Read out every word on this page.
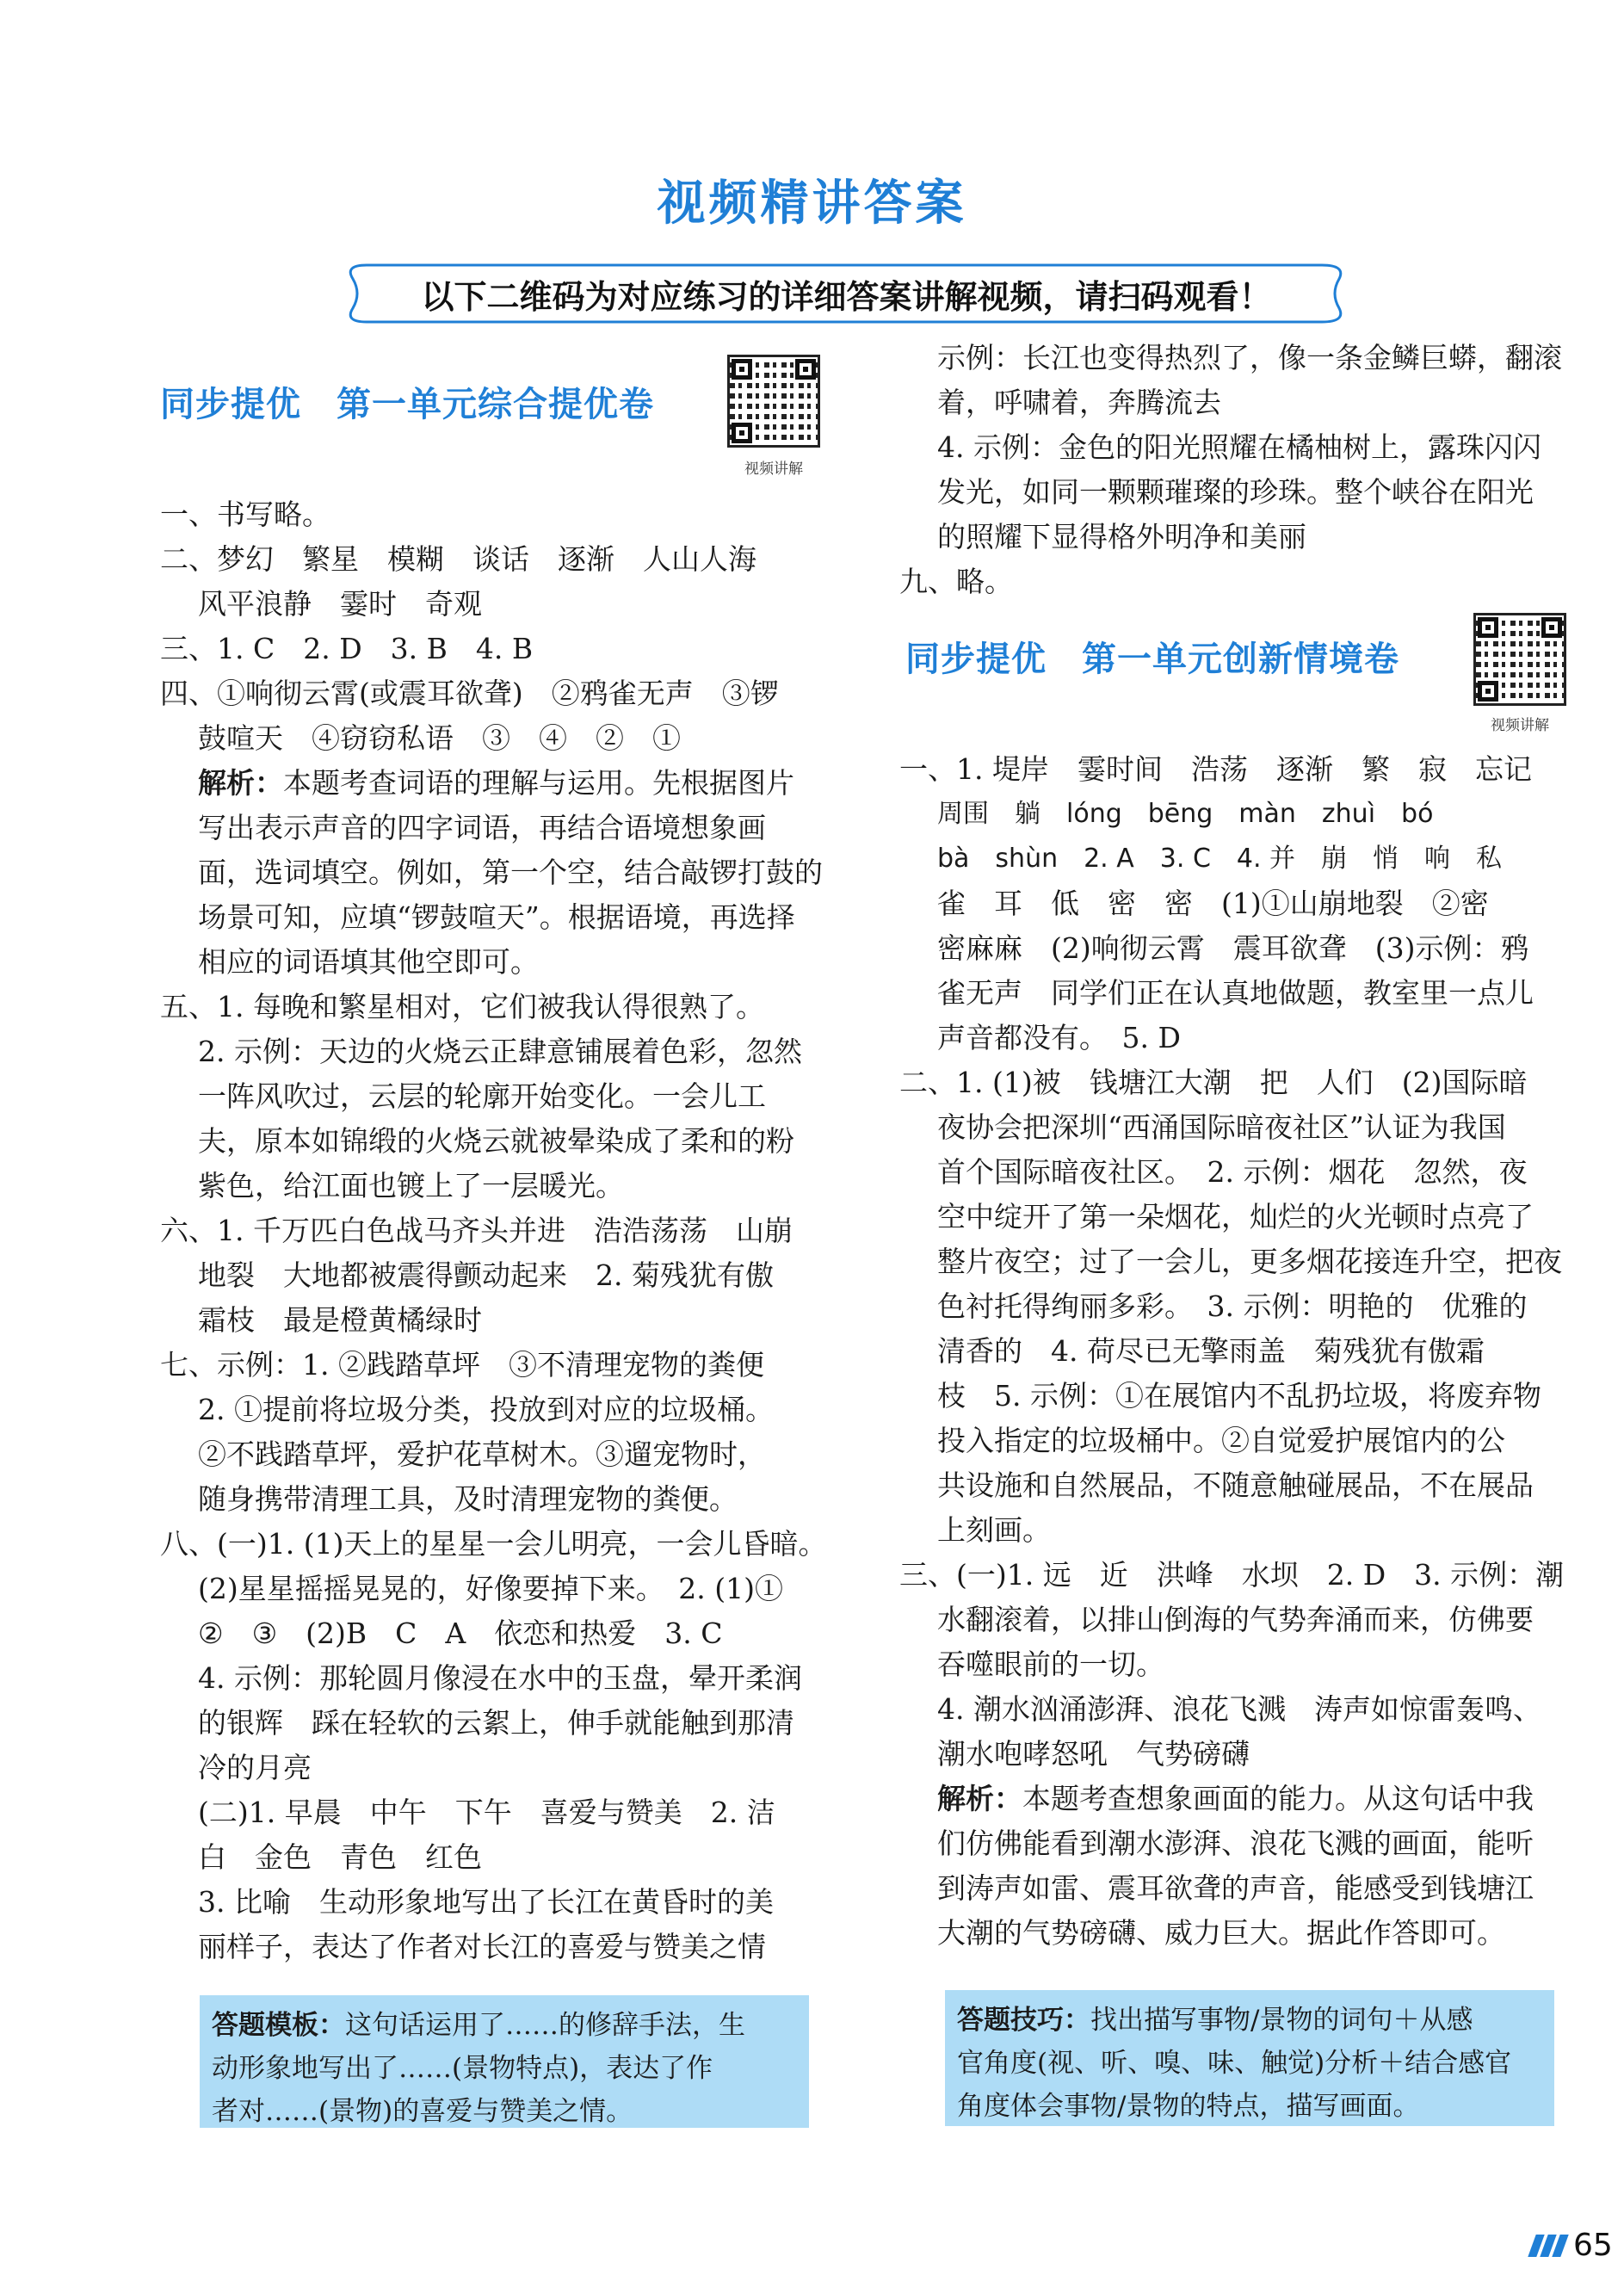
视频精讲答案
以下二维码为对应练习的详细答案讲解视频，请扫码观看！
同步提优　第一单元综合提优卷
视频讲解
一、书写略。
二、梦幻　繁星　模糊　谈话　逐渐　人山人海
风平浪静　霎时　奇观
三、1. C　2. D　3. B　4. B
四、①响彻云霄(或震耳欲聋)　②鸦雀无声　③锣
鼓喧天　④窃窃私语　③　④　②　①
解析：本题考查词语的理解与运用。先根据图片
写出表示声音的四字词语，再结合语境想象画
面，选词填空。例如，第一个空，结合敲锣打鼓的
场景可知，应填“锣鼓喧天”。根据语境，再选择
相应的词语填其他空即可。
五、1. 每晚和繁星相对，它们被我认得很熟了。
2. 示例：天边的火烧云正肆意铺展着色彩，忽然
一阵风吹过，云层的轮廓开始变化。一会儿工
夫，原本如锦缎的火烧云就被晕染成了柔和的粉
紫色，给江面也镀上了一层暖光。
六、1. 千万匹白色战马齐头并进　浩浩荡荡　山崩
地裂　大地都被震得颤动起来　2. 菊残犹有傲
霜枝　最是橙黄橘绿时
七、示例：1. ②践踏草坪　③不清理宠物的粪便
2. ①提前将垃圾分类，投放到对应的垃圾桶。
②不践踏草坪，爱护花草树木。③遛宠物时，
随身携带清理工具，及时清理宠物的粪便。
八、(一)1. (1)天上的星星一会儿明亮，一会儿昏暗。
(2)星星摇摇晃晃的，好像要掉下来。　2. (1)①
②　③　(2)B　C　A　依恋和热爱　3. C
4. 示例：那轮圆月像浸在水中的玉盘，晕开柔润
的银辉　踩在轻软的云絮上，伸手就能触到那清
冷的月亮
(二)1. 早晨　中午　下午　喜爱与赞美　2. 洁
白　金色　青色　红色
3. 比喻　生动形象地写出了长江在黄昏时的美
丽样子，表达了作者对长江的喜爱与赞美之情
答题模板：这句话运用了……的修辞手法，生
动形象地写出了……(景物特点)，表达了作
者对……(景物)的喜爱与赞美之情。
示例：长江也变得热烈了，像一条金鳞巨蟒，翻滚
着，呼啸着，奔腾流去
4. 示例：金色的阳光照耀在橘柚树上，露珠闪闪
发光，如同一颗颗璀璨的珍珠。整个峡谷在阳光
的照耀下显得格外明净和美丽
九、略。
同步提优　第一单元创新情境卷
视频讲解
一、1. 堤岸　霎时间　浩荡　逐渐　繁　寂　忘记
周围　躺　lóng　bēng　màn　zhuì　bó
bà　shùn　2. A　3. C　4. 并　崩　悄　响　私
雀　耳　低　密　密　(1)①山崩地裂　②密
密麻麻　(2)响彻云霄　震耳欲聋　(3)示例：鸦
雀无声　同学们正在认真地做题，教室里一点儿
声音都没有。　5. D
二、1. (1)被　钱塘江大潮　把　人们　(2)国际暗
夜协会把深圳“西涌国际暗夜社区”认证为我国
首个国际暗夜社区。　2. 示例：烟花　忽然，夜
空中绽开了第一朵烟花，灿烂的火光顿时点亮了
整片夜空；过了一会儿，更多烟花接连升空，把夜
色衬托得绚丽多彩。　3. 示例：明艳的　优雅的
清香的　4. 荷尽已无擎雨盖　菊残犹有傲霜
枝　5. 示例：①在展馆内不乱扔垃圾，将废弃物
投入指定的垃圾桶中。②自觉爱护展馆内的公
共设施和自然展品，不随意触碰展品，不在展品
上刻画。
三、(一)1. 远　近　洪峰　水坝　2. D　3. 示例：潮
水翻滚着，以排山倒海的气势奔涌而来，仿佛要
吞噬眼前的一切。
4. 潮水汹涌澎湃、浪花飞溅　涛声如惊雷轰鸣、
潮水咆哮怒吼　气势磅礴
解析：本题考查想象画面的能力。从这句话中我
们仿佛能看到潮水澎湃、浪花飞溅的画面，能听
到涛声如雷、震耳欲聋的声音，能感受到钱塘江
大潮的气势磅礴、威力巨大。据此作答即可。
答题技巧：找出描写事物/景物的词句＋从感
官角度(视、听、嗅、味、触觉)分析＋结合感官
角度体会事物/景物的特点，描写画面。
65
